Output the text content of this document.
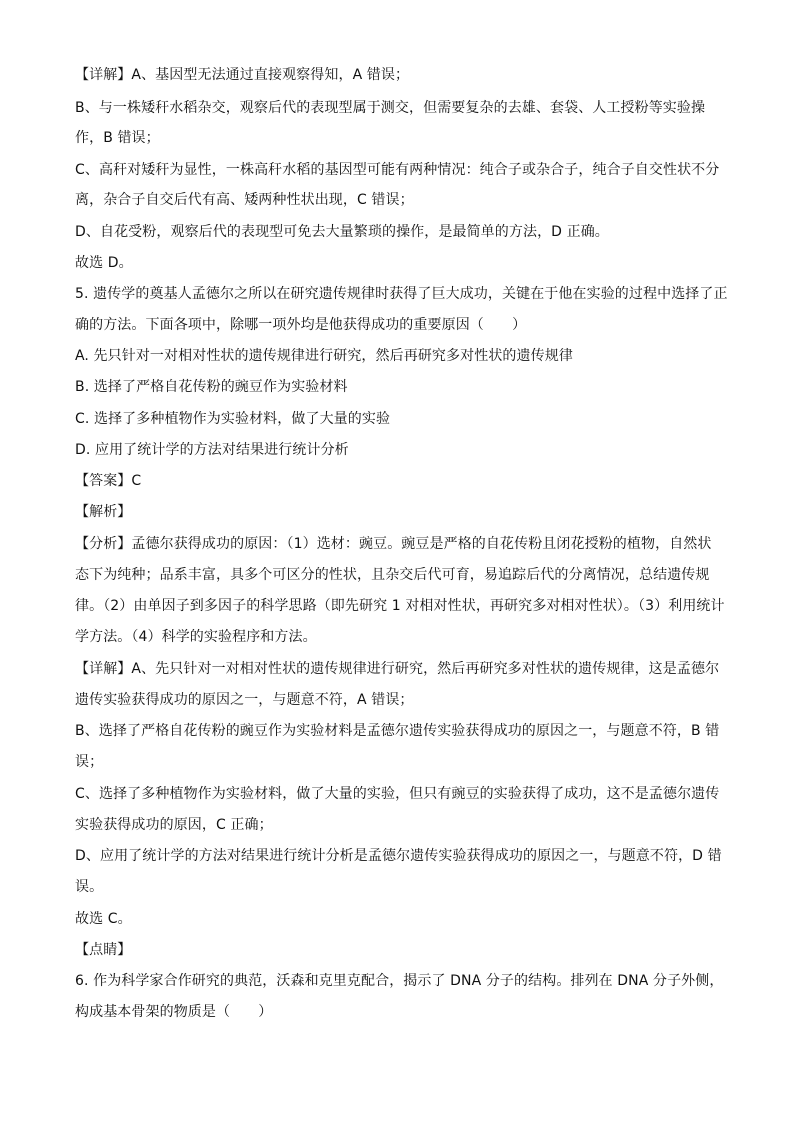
【详解】A、基因型无法通过直接观察得知，A 错误；
B、与一株矮秆水稻杂交，观察后代的表现型属于测交，但需要复杂的去雄、套袋、人工授粉等实验操
作，B 错误；
C、高秆对矮秆为显性，一株高秆水稻的基因型可能有两种情况：纯合子或杂合子，纯合子自交性状不分
离，杂合子自交后代有高、矮两种性状出现，C 错误；
D、自花受粉，观察后代的表现型可免去大量繁琐的操作，是最简单的方法，D 正确。
故选 D。
5. 遗传学的奠基人孟德尔之所以在研究遗传规律时获得了巨大成功，关键在于他在实验的过程中选择了正
确的方法。下面各项中，除哪一项外均是他获得成功的重要原因（　　）
A. 先只针对一对相对性状的遗传规律进行研究，然后再研究多对性状的遗传规律
B. 选择了严格自花传粉的豌豆作为实验材料
C. 选择了多种植物作为实验材料，做了大量的实验
D. 应用了统计学的方法对结果进行统计分析
【答案】C
【解析】
【分析】孟德尔获得成功的原因：（1）选材：豌豆。豌豆是严格的自花传粉且闭花授粉的植物，自然状
态下为纯种；品系丰富，具多个可区分的性状，且杂交后代可育，易追踪后代的分离情况，总结遗传规
律。（2）由单因子到多因子的科学思路（即先研究 1 对相对性状，再研究多对相对性状）。（3）利用统计
学方法。（4）科学的实验程序和方法。
【详解】A、先只针对一对相对性状的遗传规律进行研究，然后再研究多对性状的遗传规律，这是孟德尔
遗传实验获得成功的原因之一，与题意不符，A 错误；
B、选择了严格自花传粉的豌豆作为实验材料是孟德尔遗传实验获得成功的原因之一，与题意不符，B 错
误；
C、选择了多种植物作为实验材料，做了大量的实验，但只有豌豆的实验获得了成功，这不是孟德尔遗传
实验获得成功的原因，C 正确；
D、应用了统计学的方法对结果进行统计分析是孟德尔遗传实验获得成功的原因之一，与题意不符，D 错
误。
故选 C。
【点睛】
6. 作为科学家合作研究的典范，沃森和克里克配合，揭示了 DNA 分子的结构。排列在 DNA 分子外侧，
构成基本骨架的物质是（　　）
